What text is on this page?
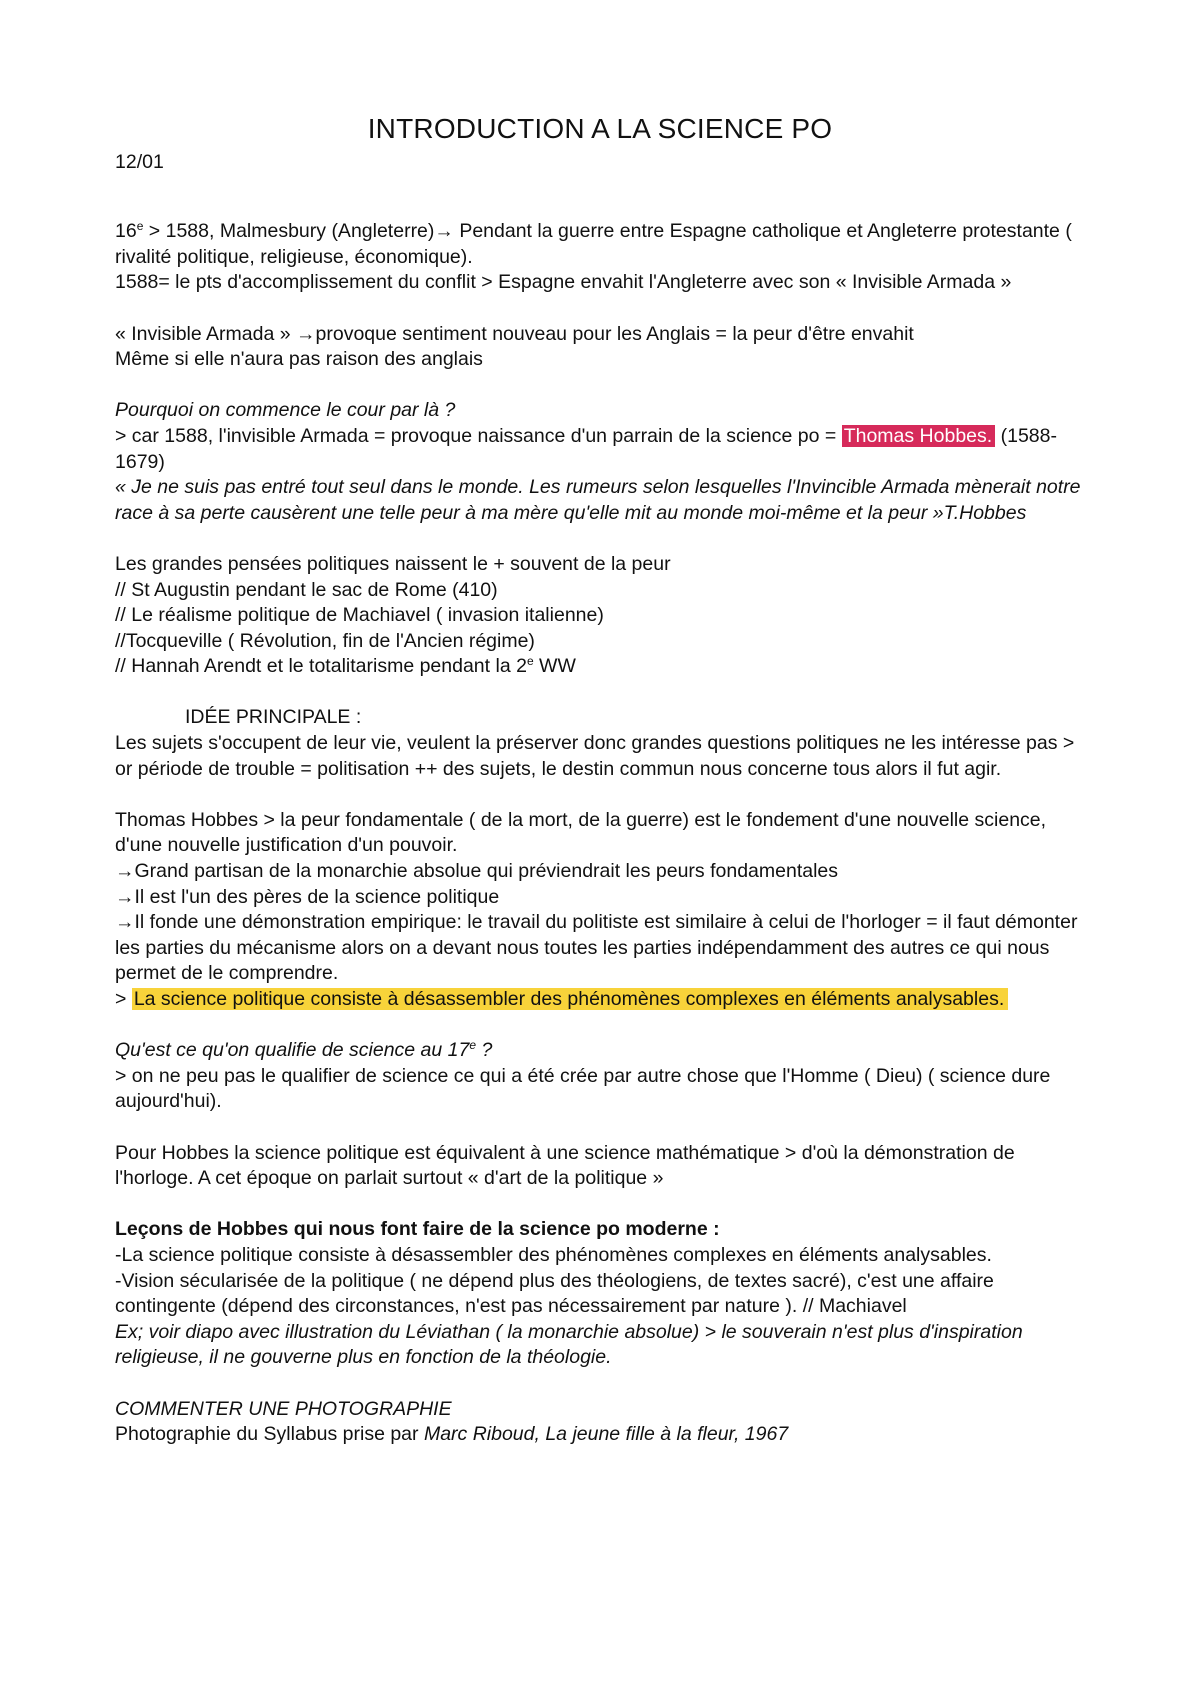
INTRODUCTION A LA SCIENCE PO

12/01

$16^e > 1588$, Malmesbury (Angleterre)→ Pendant la guerre entre Espagne catholique et Angleterre protestante ( rivalité politique, religieuse, économique).

1588= le pts d'accomplissement du conflit > Espagne envahit l'Angleterre avec son « Invisible Armada »

« Invisible Armada » →provoque sentiment nouveau pour les Anglais = la peur d'être envahit

Même si elle n'aura pas raison des anglais

Pourquoi on commence le cour par là ?

> car 1588, l'invisible Armada = provoque naissance d'un parrain de la science po = Thomas Hobbes. (1588-1679)

« Je ne suis pas entré tout seul dans le monde. Les rumeurs selon lesquelles l'Invincible Armada mènerait notre race à sa perte causèrent une telle peur à ma mère qu'elle mit au monde moi-même et la peur »T.Hobbes

Les grandes pensées politiques naissent le + souvent de la peur

// St Augustin pendant le sac de Rome (410)

// Le réalisme politique de Machiavel ( invasion italienne)

//Tocqueville ( Révolution, fin de l'Ancien régime)

// Hannah Arendt et le totalitarisme pendant la 2e WW

IDÉE PRINCIPALE :

Les sujets s'occupent de leur vie, veulent la préserver donc grandes questions politiques ne les intéresse pas > or période de trouble = politisation ++ des sujets, le destin commun nous concerne tous alors il fut agir.

Thomas Hobbes > la peur fondamentale ( de la mort, de la guerre) est le fondement d'une nouvelle science, d'une nouvelle justification d'un pouvoir.

→Grand partisan de la monarchie absolue qui préviendrait les peurs fondamentales

→Il est l'un des pères de la science politique

→Il fonde une démonstration empirique: le travail du politiste est similaire à celui de l'horloger = il faut démonter les parties du mécanisme alors on a devant nous toutes les parties indépendamment des autres ce qui nous permet de le comprendre.

> La science politique consiste à désassembler des phénomènes complexes en éléments analysables.

Qu'est ce qu'on qualifie de science au 17e ?

> on ne peu pas le qualifier de science ce qui a été crée par autre chose que l'Homme ( Dieu) ( science dure aujourd'hui).

Pour Hobbes la science politique est équivalent à une science mathématique > d'où la démonstration de l'horloge. A cet époque on parlait surtout « d'art de la politique »

Leçons de Hobbes qui nous font faire de la science po moderne :

-La science politique consiste à désassembler des phénomènes complexes en éléments analysables.

-Vision sécularisée de la politique ( ne dépend plus des théologiens, de textes sacré), c'est une affaire contingente (dépend des circonstances, n'est pas nécessairement par nature ). // Machiavel

Ex; voir diapo avec illustration du Léviathan ( la monarchie absolue) > le souverain n'est plus d'inspiration religieuse, il ne gouverne plus en fonction de la théologie.

COMMENTER UNE PHOTOGRAPHIE

Photographie du Syllabus prise par Marc Riboud, La jeune fille à la fleur, 1967
